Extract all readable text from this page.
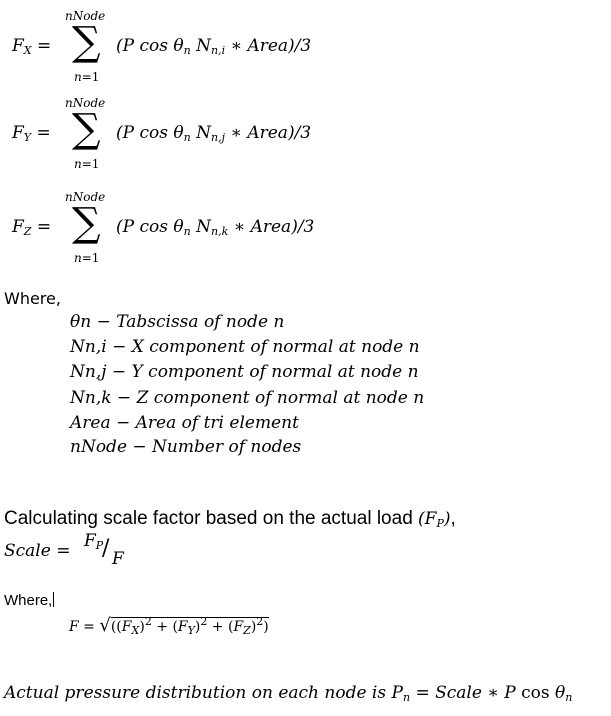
$F_X$ =
nNode
∑
n=1
(P $\cos \theta_n$ $N_{n,i}$ ∗ Area)/3
$F_Y$ =
nNode
∑
n=1
(P $\cos \theta_n$ $N_{n,j}$ ∗ Area)/3
$F_Z$ =
nNode
∑
n=1
(P $\cos \theta_n$ $N_{n,k}$ ∗ Area)/3
Where,
θn − Tabscissa of node n
Nn,i − X component of normal at node n
Nn,j − Y component of normal at node n
Nn,k − Z component of normal at node n
Area − Area of tri element
nNode − Number of nodes
Calculating scale factor based on the actual load $(F_P)$,
Scale = $F_P$
/ F
Where,
$F = √((F_X)^2 + (F_Y)^2 + (F_Z)^2)$
Actual pressure distribution on each node is $P_n$ = Scale ∗ P $\cos \theta_n$
